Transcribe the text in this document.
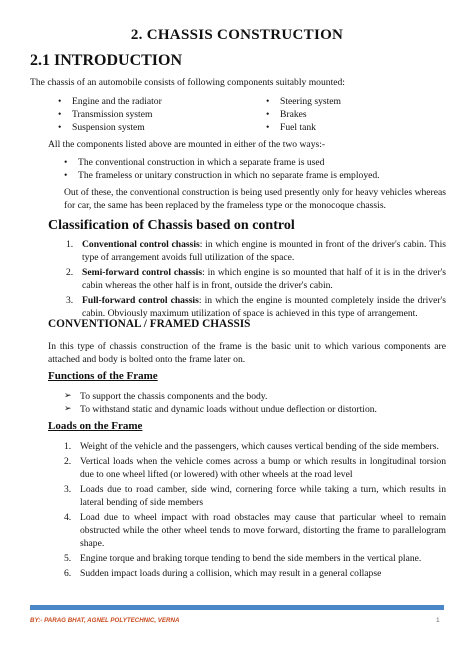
2. CHASSIS CONSTRUCTION
2.1 INTRODUCTION
The chassis of an automobile consists of following components suitably mounted:
• Engine and the radiator
• Transmission system
• Suspension system
• Steering system
• Brakes
• Fuel tank
All the components listed above are mounted in either of the two ways:-
• The conventional construction in which a separate frame is used
• The frameless or unitary construction in which no separate frame is employed.
Out of these, the conventional construction is being used presently only for heavy vehicles whereas for car, the same has been replaced by the frameless type or the monocoque chassis.
Classification of Chassis based on control
1. Conventional control chassis: in which engine is mounted in front of the driver's cabin. This type of arrangement avoids full utilization of the space.
2. Semi-forward control chassis: in which engine is so mounted that half of it is in the driver's cabin whereas the other half is in front, outside the driver's cabin.
3. Full-forward control chassis: in which the engine is mounted completely inside the driver's cabin. Obviously maximum utilization of space is achieved in this type of arrangement.
CONVENTIONAL / FRAMED CHASSIS
In this type of chassis construction of the frame is the basic unit to which various components are attached and body is bolted onto the frame later on.
Functions of the Frame
➢ To support the chassis components and the body.
➢ To withstand static and dynamic loads without undue deflection or distortion.
Loads on the Frame
1. Weight of the vehicle and the passengers, which causes vertical bending of the side members.
2. Vertical loads when the vehicle comes across a bump or which results in longitudinal torsion due to one wheel lifted (or lowered) with other wheels at the road level
3. Loads due to road camber, side wind, cornering force while taking a turn, which results in lateral bending of side members
4. Load due to wheel impact with road obstacles may cause that particular wheel to remain obstructed while the other wheel tends to move forward, distorting the frame to parallelogram shape.
5. Engine torque and braking torque tending to bend the side members in the vertical plane.
6. Sudden impact loads during a collision, which may result in a general collapse
BY:- PARAG BHAT, AGNEL POLYTECHNIC, VERNA	1
